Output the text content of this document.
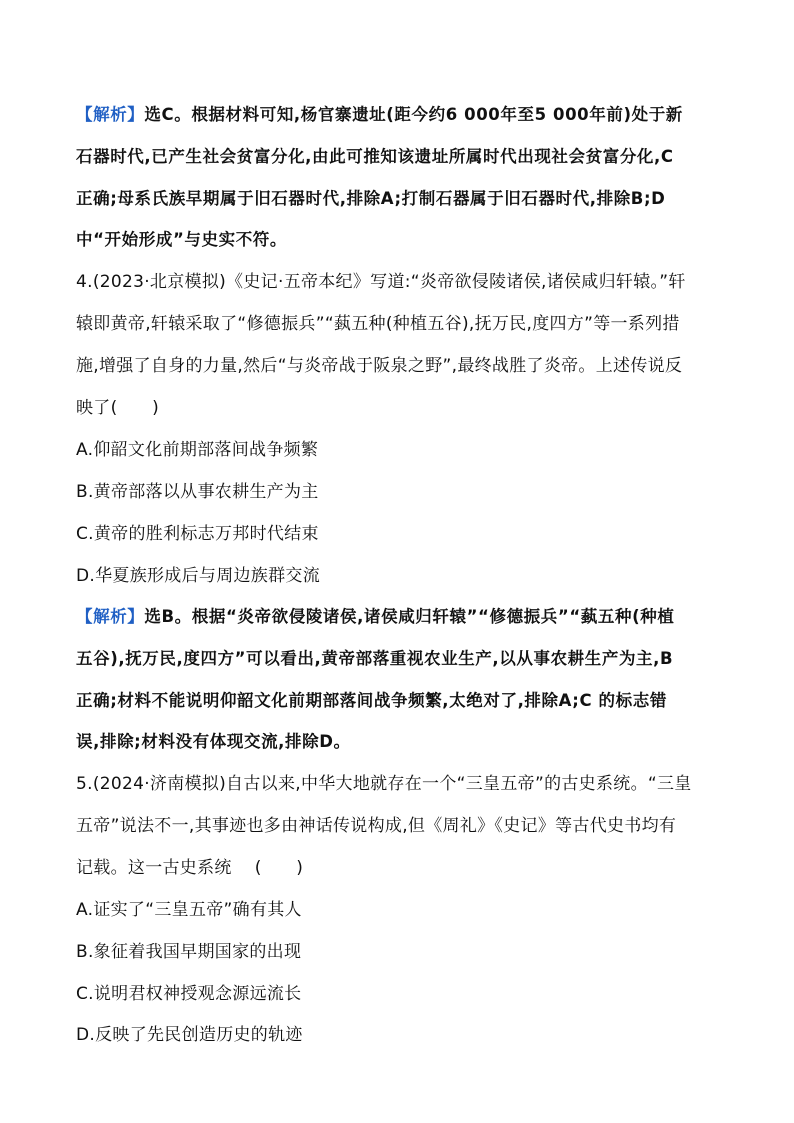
【解析】选C。根据材料可知,杨官寨遗址(距今约6 000年至5 000年前)处于新
石器时代,已产生社会贫富分化,由此可推知该遗址所属时代出现社会贫富分化,C
正确;母系氏族早期属于旧石器时代,排除A;打制石器属于旧石器时代,排除B;D
中“开始形成”与史实不符。
4.(2023·北京模拟)《史记·五帝本纪》写道:“炎帝欲侵陵诸侯,诸侯咸归轩辕。”轩
辕即黄帝,轩辕采取了“修德振兵”“蓺五种(种植五谷),抚万民,度四方”等一系列措
施,增强了自身的力量,然后“与炎帝战于阪泉之野”,最终战胜了炎帝。上述传说反
映了(　　)
A.仰韶文化前期部落间战争频繁
B.黄帝部落以从事农耕生产为主
C.黄帝的胜利标志万邦时代结束
D.华夏族形成后与周边族群交流
【解析】选B。根据“炎帝欲侵陵诸侯,诸侯咸归轩辕”“修德振兵”“蓺五种(种植
五谷),抚万民,度四方”可以看出,黄帝部落重视农业生产,以从事农耕生产为主,B
正确;材料不能说明仰韶文化前期部落间战争频繁,太绝对了,排除A;C 的标志错
误,排除;材料没有体现交流,排除D。
5.(2024·济南模拟)自古以来,中华大地就存在一个“三皇五帝”的古史系统。“三皇
五帝”说法不一,其事迹也多由神话传说构成,但《周礼》《史记》等古代史书均有
记载。这一古史系统　 (　　)
A.证实了“三皇五帝”确有其人
B.象征着我国早期国家的出现
C.说明君权神授观念源远流长
D.反映了先民创造历史的轨迹
